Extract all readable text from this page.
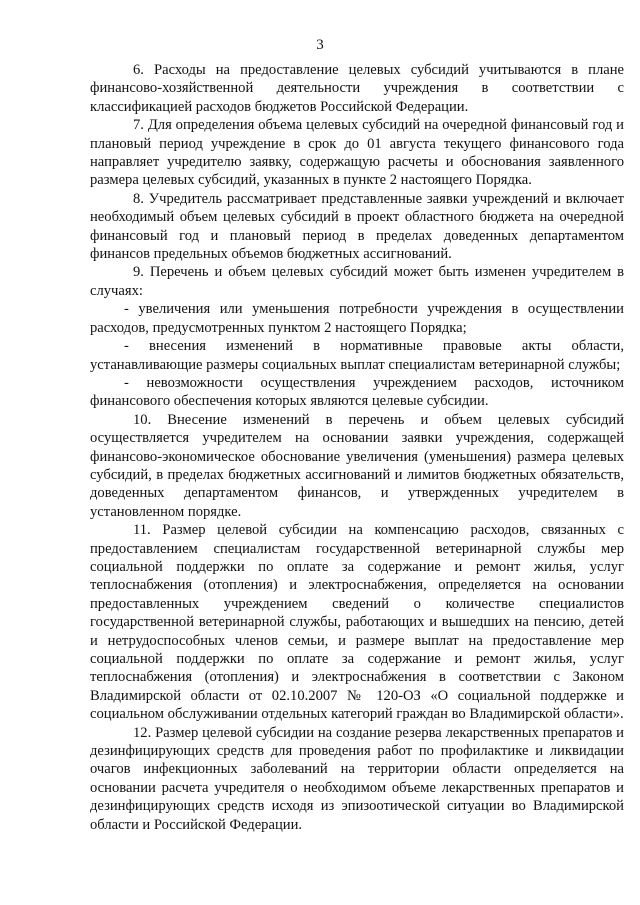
3

6. Расходы на предоставление целевых субсидий учитываются в плане финансово-хозяйственной деятельности учреждения в соответствии с классификацией расходов бюджетов Российской Федерации.

7. Для определения объема целевых субсидий на очередной финансовый год и плановый период учреждение в срок до 01 августа текущего финансового года направляет учредителю заявку, содержащую расчеты и обоснования заявленного размера целевых субсидий, указанных в пункте 2 настоящего Порядка.

8. Учредитель рассматривает представленные заявки учреждений и включает необходимый объем целевых субсидий в проект областного бюджета на очередной финансовый год и плановый период в пределах доведенных департаментом финансов предельных объемов бюджетных ассигнований.

9. Перечень и объем целевых субсидий может быть изменен учредителем в случаях:

- увеличения или уменьшения потребности учреждения в осуществлении расходов, предусмотренных пунктом 2 настоящего Порядка;

- внесения изменений в нормативные правовые акты области, устанавливающие размеры социальных выплат специалистам ветеринарной службы;

- невозможности осуществления учреждением расходов, источником финансового обеспечения которых являются целевые субсидии.

10. Внесение изменений в перечень и объем целевых субсидий осуществляется учредителем на основании заявки учреждения, содержащей финансово-экономическое обоснование увеличения (уменьшения) размера целевых субсидий, в пределах бюджетных ассигнований и лимитов бюджетных обязательств, доведенных департаментом финансов, и утвержденных учредителем в установленном порядке.

11. Размер целевой субсидии на компенсацию расходов, связанных с предоставлением специалистам государственной ветеринарной службы мер социальной поддержки по оплате за содержание и ремонт жилья, услуг теплоснабжения (отопления) и электроснабжения, определяется на основании предоставленных учреждением сведений о количестве специалистов государственной ветеринарной службы, работающих и вышедших на пенсию, детей и нетрудоспособных членов семьи, и размере выплат на предоставление мер социальной поддержки по оплате за содержание и ремонт жилья, услуг теплоснабжения (отопления) и электроснабжения в соответствии с Законом Владимирской области от 02.10.2007 № 120-ОЗ «О социальной поддержке и социальном обслуживании отдельных категорий граждан во Владимирской области».

12. Размер целевой субсидии на создание резерва лекарственных препаратов и дезинфицирующих средств для проведения работ по профилактике и ликвидации очагов инфекционных заболеваний на территории области определяется на основании расчета учредителя о необходимом объеме лекарственных препаратов и дезинфицирующих средств исходя из эпизоотической ситуации во Владимирской области и Российской Федерации.
